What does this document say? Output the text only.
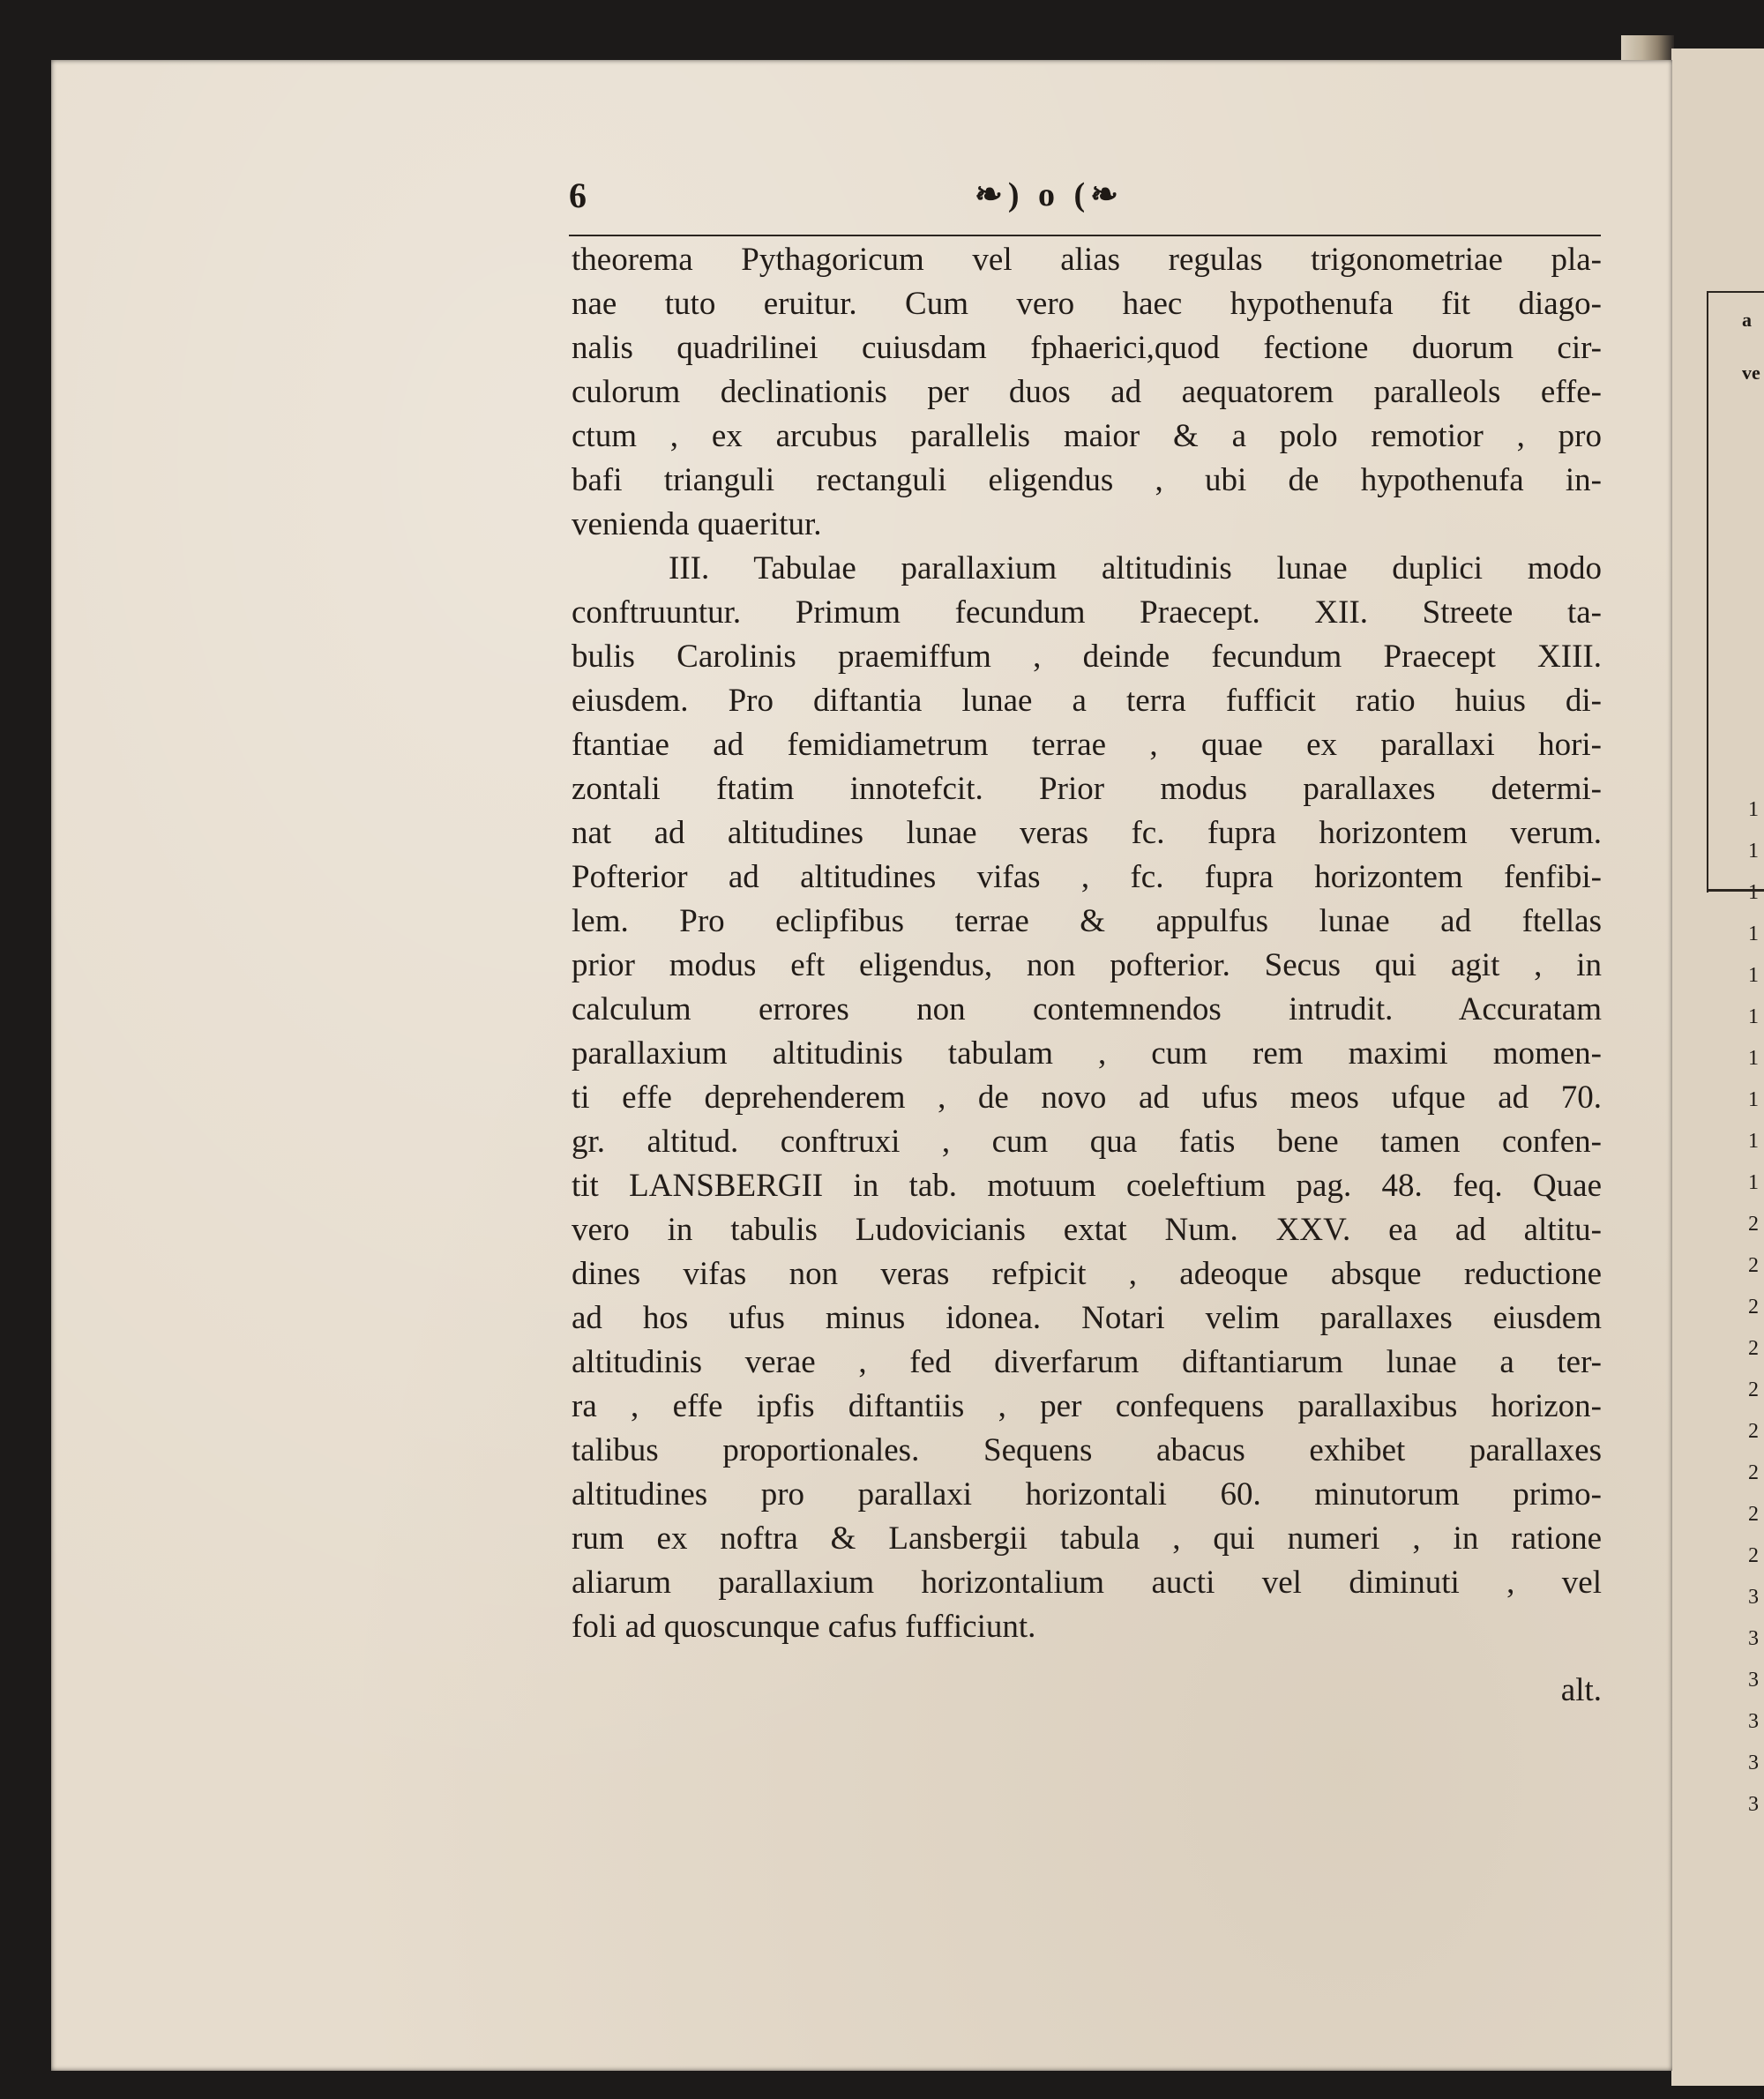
6	❧) o (❧
theorema Pythagoricum vel alias regulas trigonometriae pla-
nae tuto eruitur. Cum vero haec hypothenufa fit diago-
nalis quadrilinei cuiusdam fphaerici,quod fectione duorum cir-
culorum declinationis per duos ad aequatorem paralleols effe-
ctum , ex arcubus parallelis maior & a polo remotior , pro
bafi trianguli rectanguli eligendus , ubi de hypothenufa in-
venienda quaeritur.
III. Tabulae parallaxium altitudinis lunae duplici modo
conftruuntur. Primum fecundum Praecept. XII. Streete ta-
bulis Carolinis praemiffum , deinde fecundum Praecept XIII.
eiusdem. Pro diftantia lunae a terra fufficit ratio huius di-
ftantiae ad femidiametrum terrae , quae ex parallaxi hori-
zontali ftatim innotefcit. Prior modus parallaxes determi-
nat ad altitudines lunae veras fc. fupra horizontem verum.
Pofterior ad altitudines vifas , fc. fupra horizontem fenfibi-
lem. Pro eclipfibus terrae & appulfus lunae ad ftellas
prior modus eft eligendus, non pofterior. Secus qui agit , in
calculum errores non contemnendos intrudit. Accuratam
parallaxium altitudinis tabulam , cum rem maximi momen-
ti effe deprehenderem , de novo ad ufus meos ufque ad 70.
gr. altitud. conftruxi , cum qua fatis bene tamen confen-
tit LANSBERGII in tab. motuum coeleftium pag. 48. feq. Quae
vero in tabulis Ludovicianis extat Num. XXV. ea ad altitu-
dines vifas non veras refpicit , adeoque absque reductione
ad hos ufus minus idonea. Notari velim parallaxes eiusdem
altitudinis verae , fed diverfarum diftantiarum lunae a ter-
ra , effe ipfis diftantiis , per confequens parallaxibus horizon-
talibus proportionales. Sequens abacus exhibet parallaxes
altitudines pro parallaxi horizontali 60. minutorum primo-
rum ex noftra & Lansbergii tabula , qui numeri , in ratione
aliarum parallaxium horizontalium aucti vel diminuti , vel
foli ad quoscunque cafus fufficiunt.
alt.
a
ve
1
1
1
1
1
1
1
1
1
1
2
2
2
2
2
2
2
2
2
3
3
3
3
3
3
